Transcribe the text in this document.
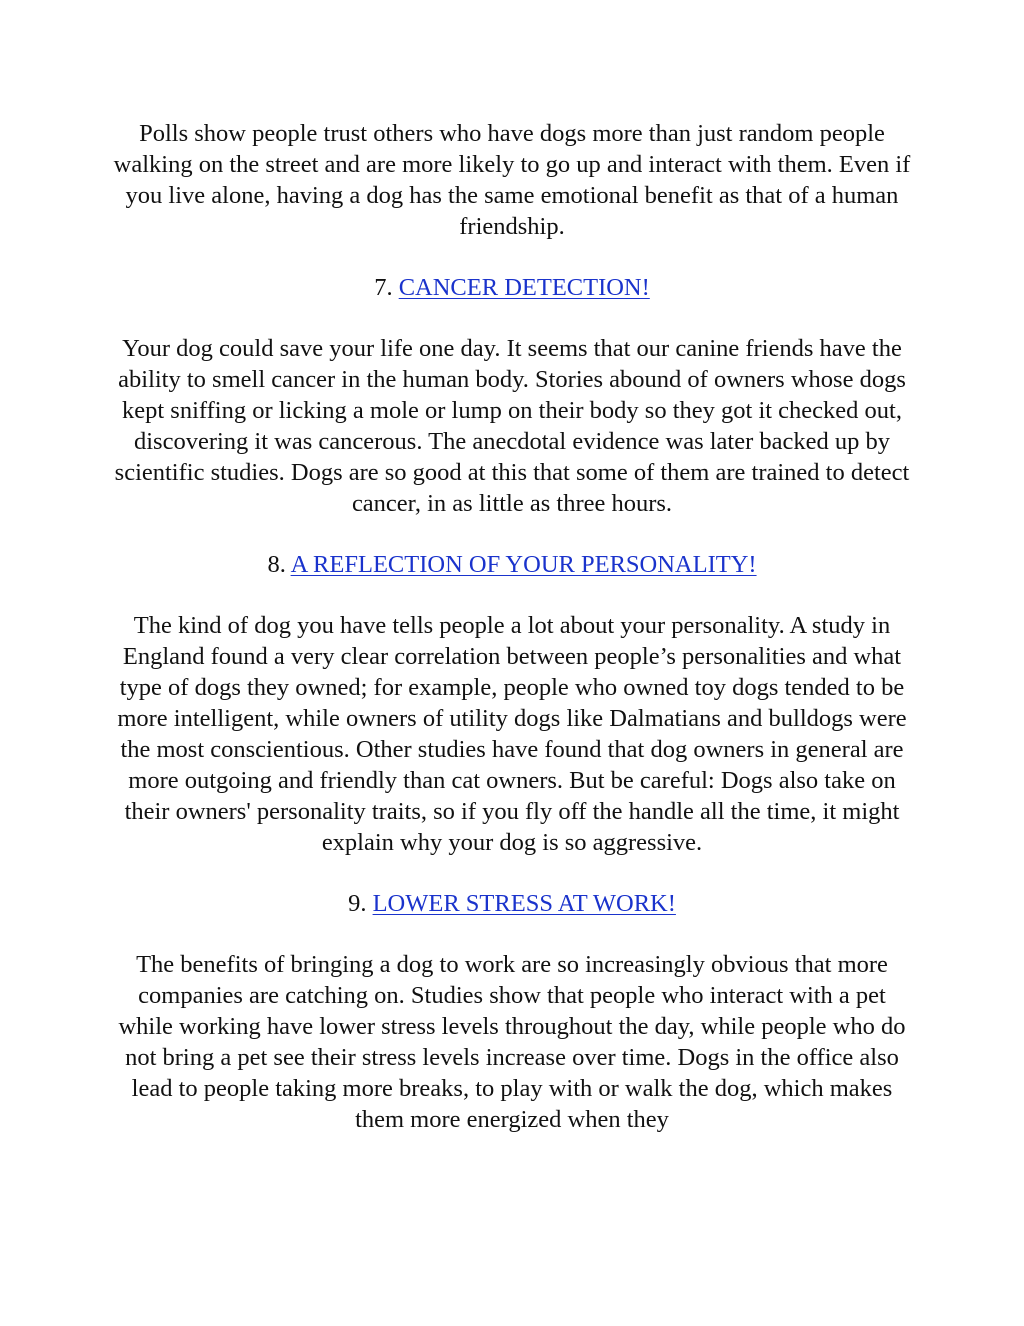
Polls show people trust others who have dogs more than just random people walking on the street and are more likely to go up and interact with them. Even if you live alone, having a dog has the same emotional benefit as that of a human friendship.

7. CANCER DETECTION!

Your dog could save your life one day. It seems that our canine friends have the ability to smell cancer in the human body. Stories abound of owners whose dogs kept sniffing or licking a mole or lump on their body so they got it checked out, discovering it was cancerous. The anecdotal evidence was later backed up by scientific studies. Dogs are so good at this that some of them are trained to detect cancer, in as little as three hours.

8. A REFLECTION OF YOUR PERSONALITY!

The kind of dog you have tells people a lot about your personality. A study in England found a very clear correlation between people’s personalities and what type of dogs they owned; for example, people who owned toy dogs tended to be more intelligent, while owners of utility dogs like Dalmatians and bulldogs were the most conscientious. Other studies have found that dog owners in general are more outgoing and friendly than cat owners. But be careful: Dogs also take on their owners' personality traits, so if you fly off the handle all the time, it might explain why your dog is so aggressive.

9. LOWER STRESS AT WORK!

The benefits of bringing a dog to work are so increasingly obvious that more companies are catching on. Studies show that people who interact with a pet while working have lower stress levels throughout the day, while people who do not bring a pet see their stress levels increase over time. Dogs in the office also lead to people taking more breaks, to play with or walk the dog, which makes them more energized when they
